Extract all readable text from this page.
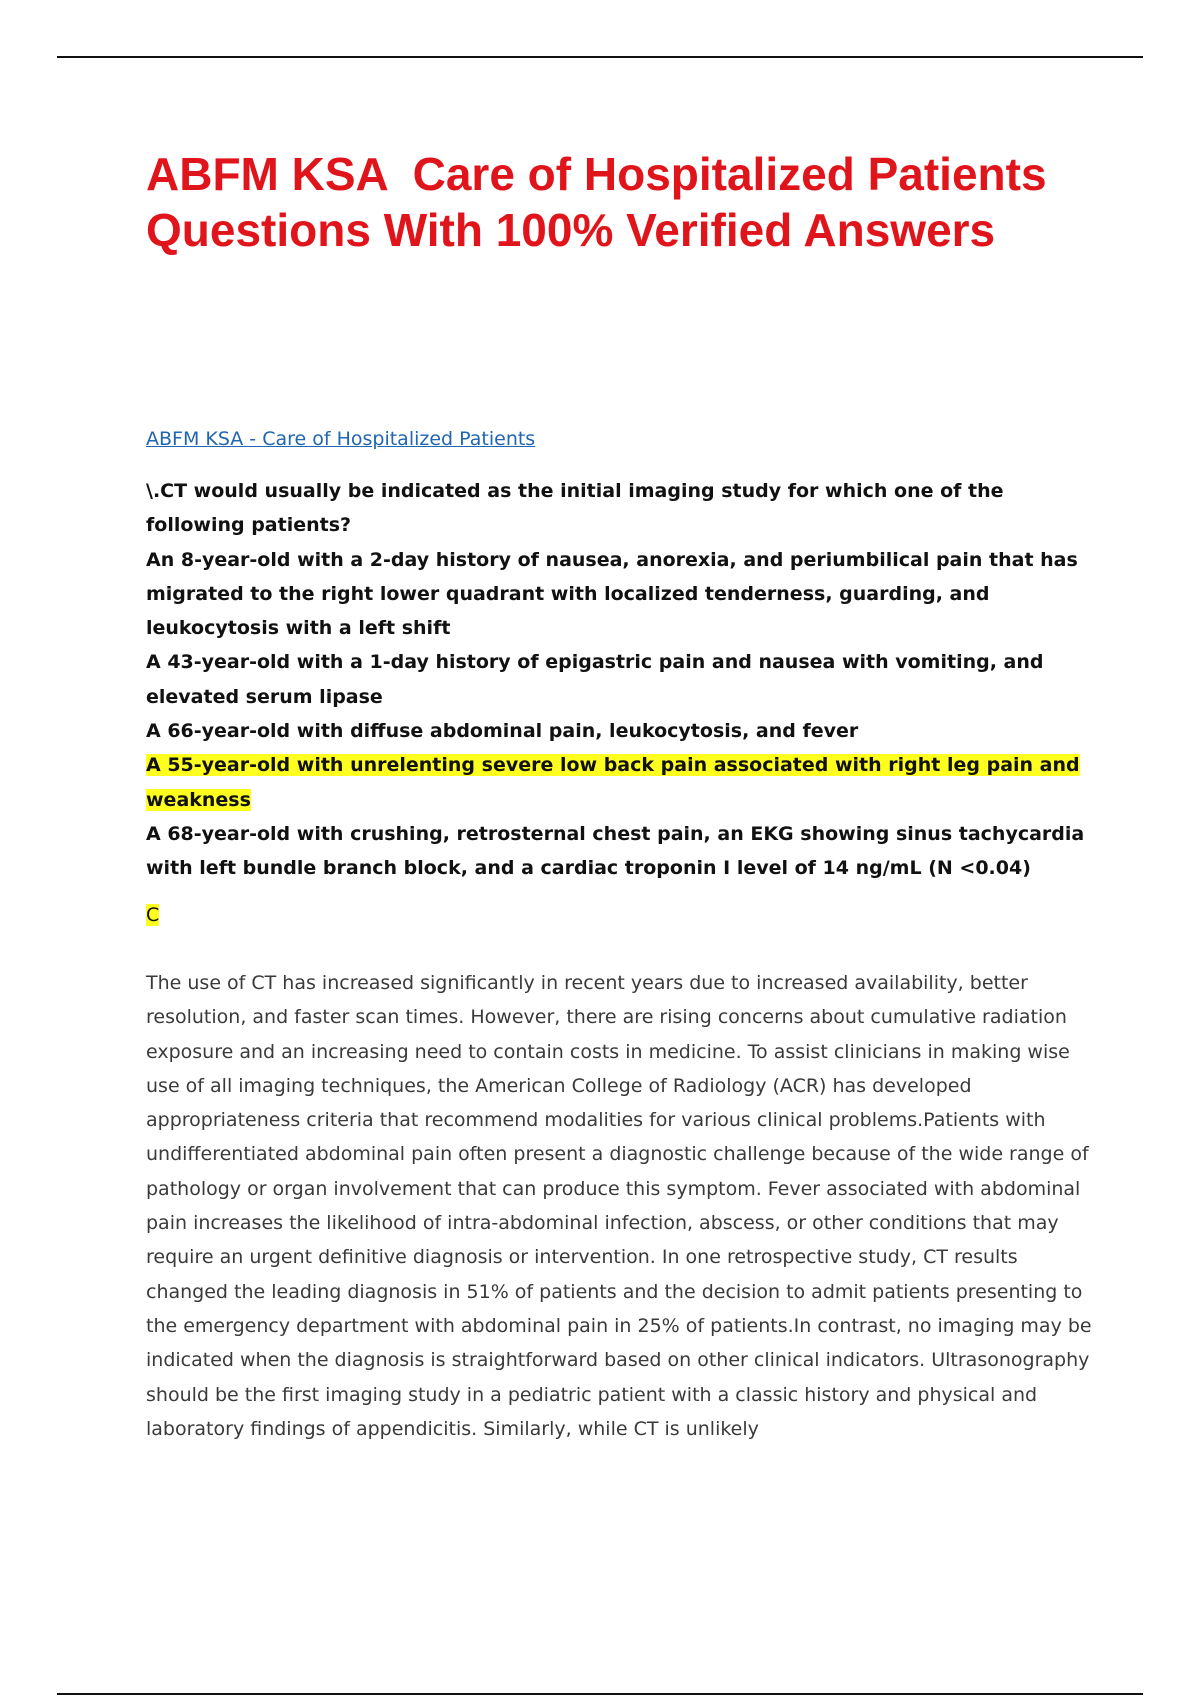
ABFM KSA  Care of Hospitalized Patients Questions With 100% Verified Answers
ABFM KSA - Care of Hospitalized Patients

\.CT would usually be indicated as the initial imaging study for which one of the following patients?

An 8-year-old with a 2-day history of nausea, anorexia, and periumbilical pain that has migrated to the right lower quadrant with localized tenderness, guarding, and leukocytosis with a left shift

A 43-year-old with a 1-day history of epigastric pain and nausea with vomiting, and elevated serum lipase

A 66-year-old with diffuse abdominal pain, leukocytosis, and fever

A 55-year-old with unrelenting severe low back pain associated with right leg pain and weakness

A 68-year-old with crushing, retrosternal chest pain, an EKG showing sinus tachycardia with left bundle branch block, and a cardiac troponin I level of 14 ng/mL (N <0.04)

C

The use of CT has increased significantly in recent years due to increased availability, better resolution, and faster scan times. However, there are rising concerns about cumulative radiation exposure and an increasing need to contain costs in medicine. To assist clinicians in making wise use of all imaging techniques, the American College of Radiology (ACR) has developed appropriateness criteria that recommend modalities for various clinical problems.Patients with undifferentiated abdominal pain often present a diagnostic challenge because of the wide range of pathology or organ involvement that can produce this symptom. Fever associated with abdominal pain increases the likelihood of intra-abdominal infection, abscess, or other conditions that may require an urgent definitive diagnosis or intervention. In one retrospective study, CT results changed the leading diagnosis in 51% of patients and the decision to admit patients presenting to the emergency department with abdominal pain in 25% of patients.In contrast, no imaging may be indicated when the diagnosis is straightforward based on other clinical indicators. Ultrasonography should be the first imaging study in a pediatric patient with a classic history and physical and laboratory findings of appendicitis. Similarly, while CT is unlikely
